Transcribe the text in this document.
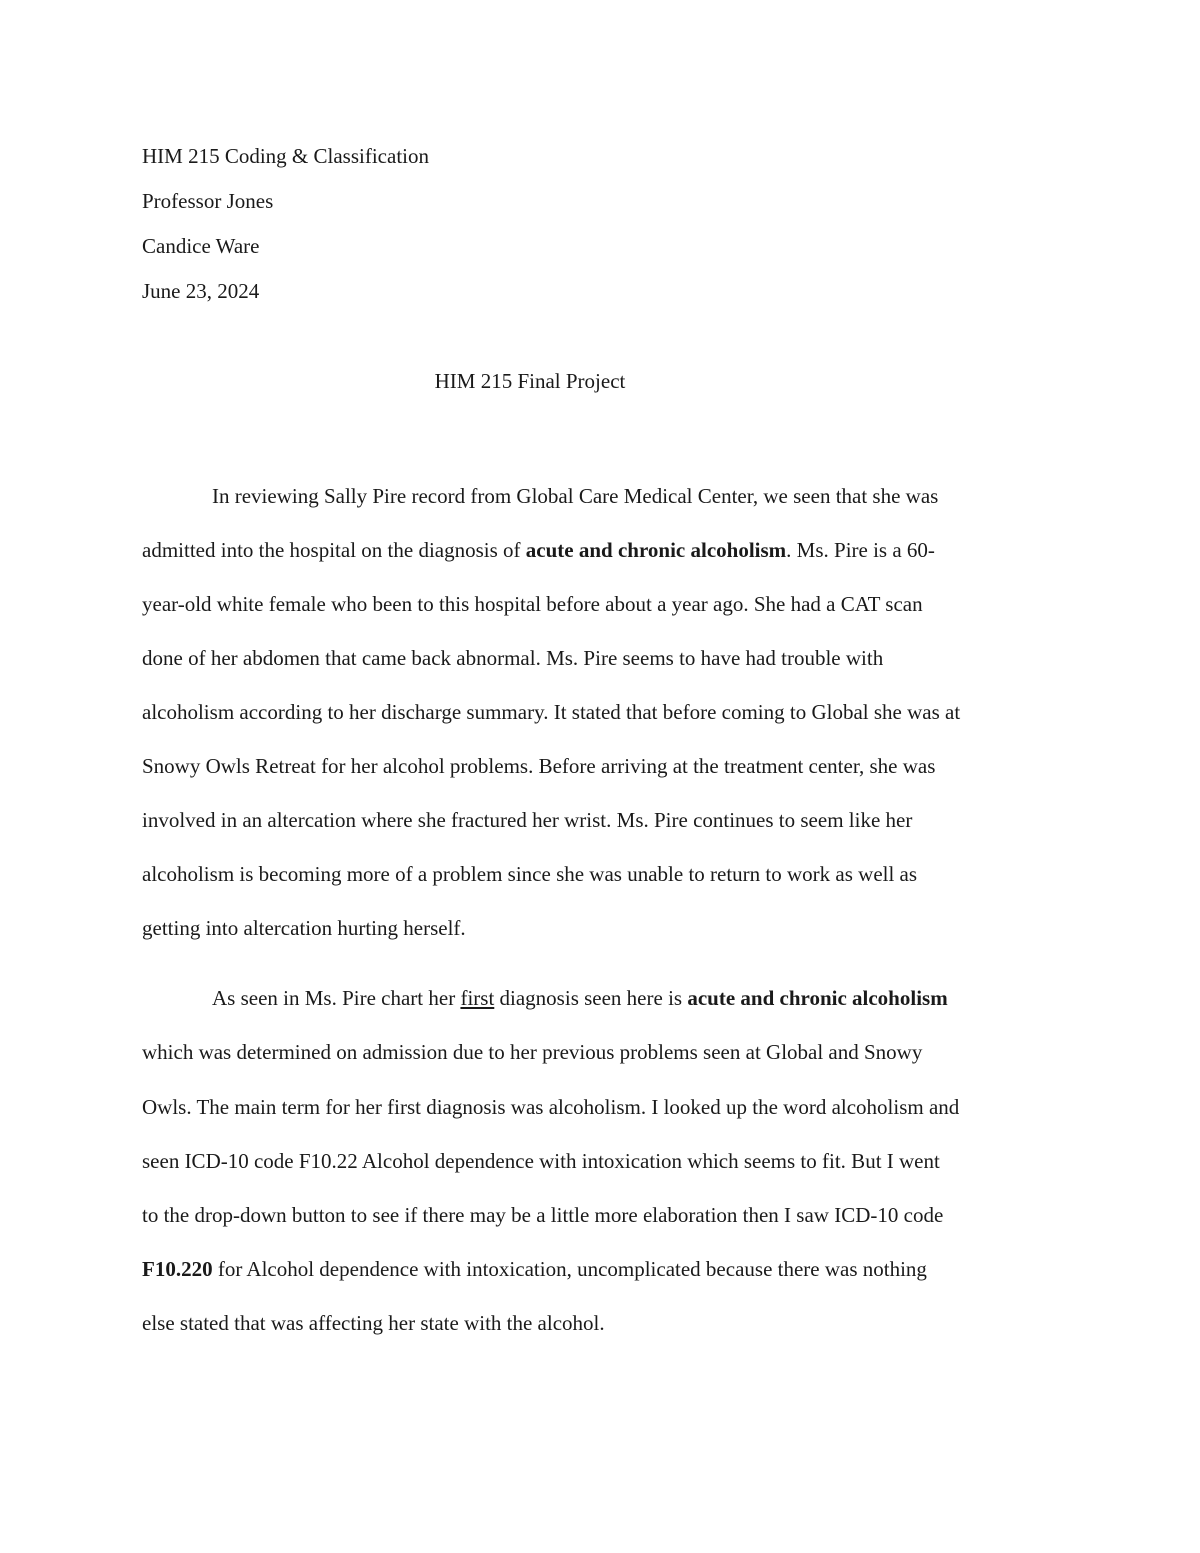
HIM 215 Coding & Classification
Professor Jones
Candice Ware
June 23, 2024
HIM 215 Final Project
In reviewing Sally Pire record from Global Care Medical Center, we seen that she was
admitted into the hospital on the diagnosis of acute and chronic alcoholism. Ms. Pire is a 60-
year-old white female who been to this hospital before about a year ago. She had a CAT scan
done of her abdomen that came back abnormal. Ms. Pire seems to have had trouble with
alcoholism according to her discharge summary. It stated that before coming to Global she was at
Snowy Owls Retreat for her alcohol problems. Before arriving at the treatment center, she was
involved in an altercation where she fractured her wrist. Ms. Pire continues to seem like her
alcoholism is becoming more of a problem since she was unable to return to work as well as
getting into altercation hurting herself.
As seen in Ms. Pire chart her first diagnosis seen here is acute and chronic alcoholism
which was determined on admission due to her previous problems seen at Global and Snowy
Owls. The main term for her first diagnosis was alcoholism. I looked up the word alcoholism and
seen ICD-10 code F10.22 Alcohol dependence with intoxication which seems to fit. But I went
to the drop-down button to see if there may be a little more elaboration then I saw ICD-10 code
F10.220 for Alcohol dependence with intoxication, uncomplicated because there was nothing
else stated that was affecting her state with the alcohol.
